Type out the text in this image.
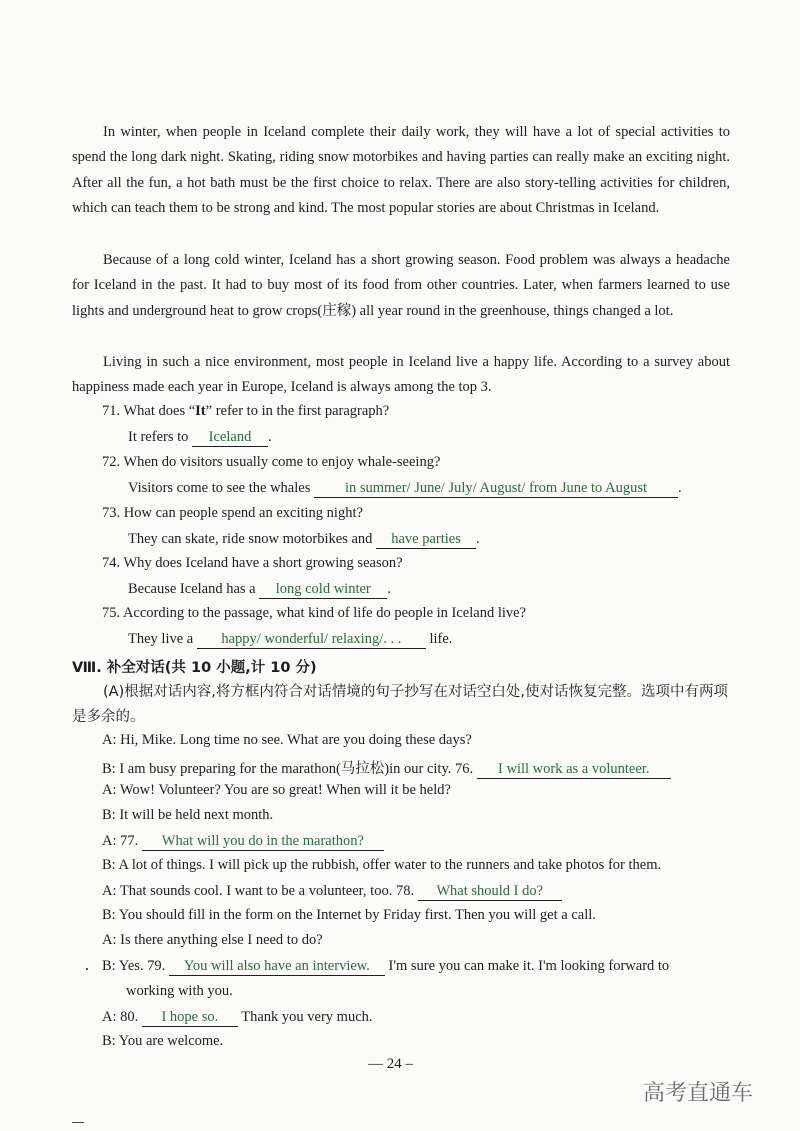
In winter, when people in Iceland complete their daily work, they will have a lot of special activities to spend the long dark night. Skating, riding snow motorbikes and having parties can really make an exciting night. After all the fun, a hot bath must be the first choice to relax. There are also story-telling activities for children, which can teach them to be strong and kind. The most popular stories are about Christmas in Iceland.

Because of a long cold winter, Iceland has a short growing season. Food problem was always a headache for Iceland in the past. It had to buy most of its food from other countries. Later, when farmers learned to use lights and underground heat to grow crops(庄稼) all year round in the greenhouse, things changed a lot.

Living in such a nice environment, most people in Iceland live a happy life. According to a survey about happiness made each year in Europe, Iceland is always among the top 3.

71. What does “It” refer to in the first paragraph?
It refers to Iceland .
72. When do visitors usually come to enjoy whale-seeing?
Visitors come to see the whales in summer/ June/ July/ August/ from June to August .
73. How can people spend an exciting night?
They can skate, ride snow motorbikes and have parties .
74. Why does Iceland have a short growing season?
Because Iceland has a long cold winter .
75. According to the passage, what kind of life do people in Iceland live?
They live a happy/ wonderful/ relaxing/. . . life.
Ⅷ. 补全对话(共 10 小题,计 10 分)

(A)根据对话内容,将方框内符合对话情境的句子抄写在对话空白处,使对话恢复完整。选项中有两项是多余的。

A: Hi, Mike. Long time no see. What are you doing these days?
B: I am busy preparing for the marathon(马拉松)in our city. 76. I will work as a volunteer.
A: Wow! Volunteer? You are so great! When will it be held?
B: It will be held next month.
A: 77. What will you do in the marathon?
B: A lot of things. I will pick up the rubbish, offer water to the runners and take photos for them.
A: That sounds cool. I want to be a volunteer, too. 78. What should I do?
B: You should fill in the form on the Internet by Friday first. Then you will get a call.
A: Is there anything else I need to do?
B: Yes. 79. You will also have an interview. I'm sure you can make it. I'm looking forward to
working with you.
A: 80. I hope so. Thank you very much.
B: You are welcome.
— 24 –
高考直通车
